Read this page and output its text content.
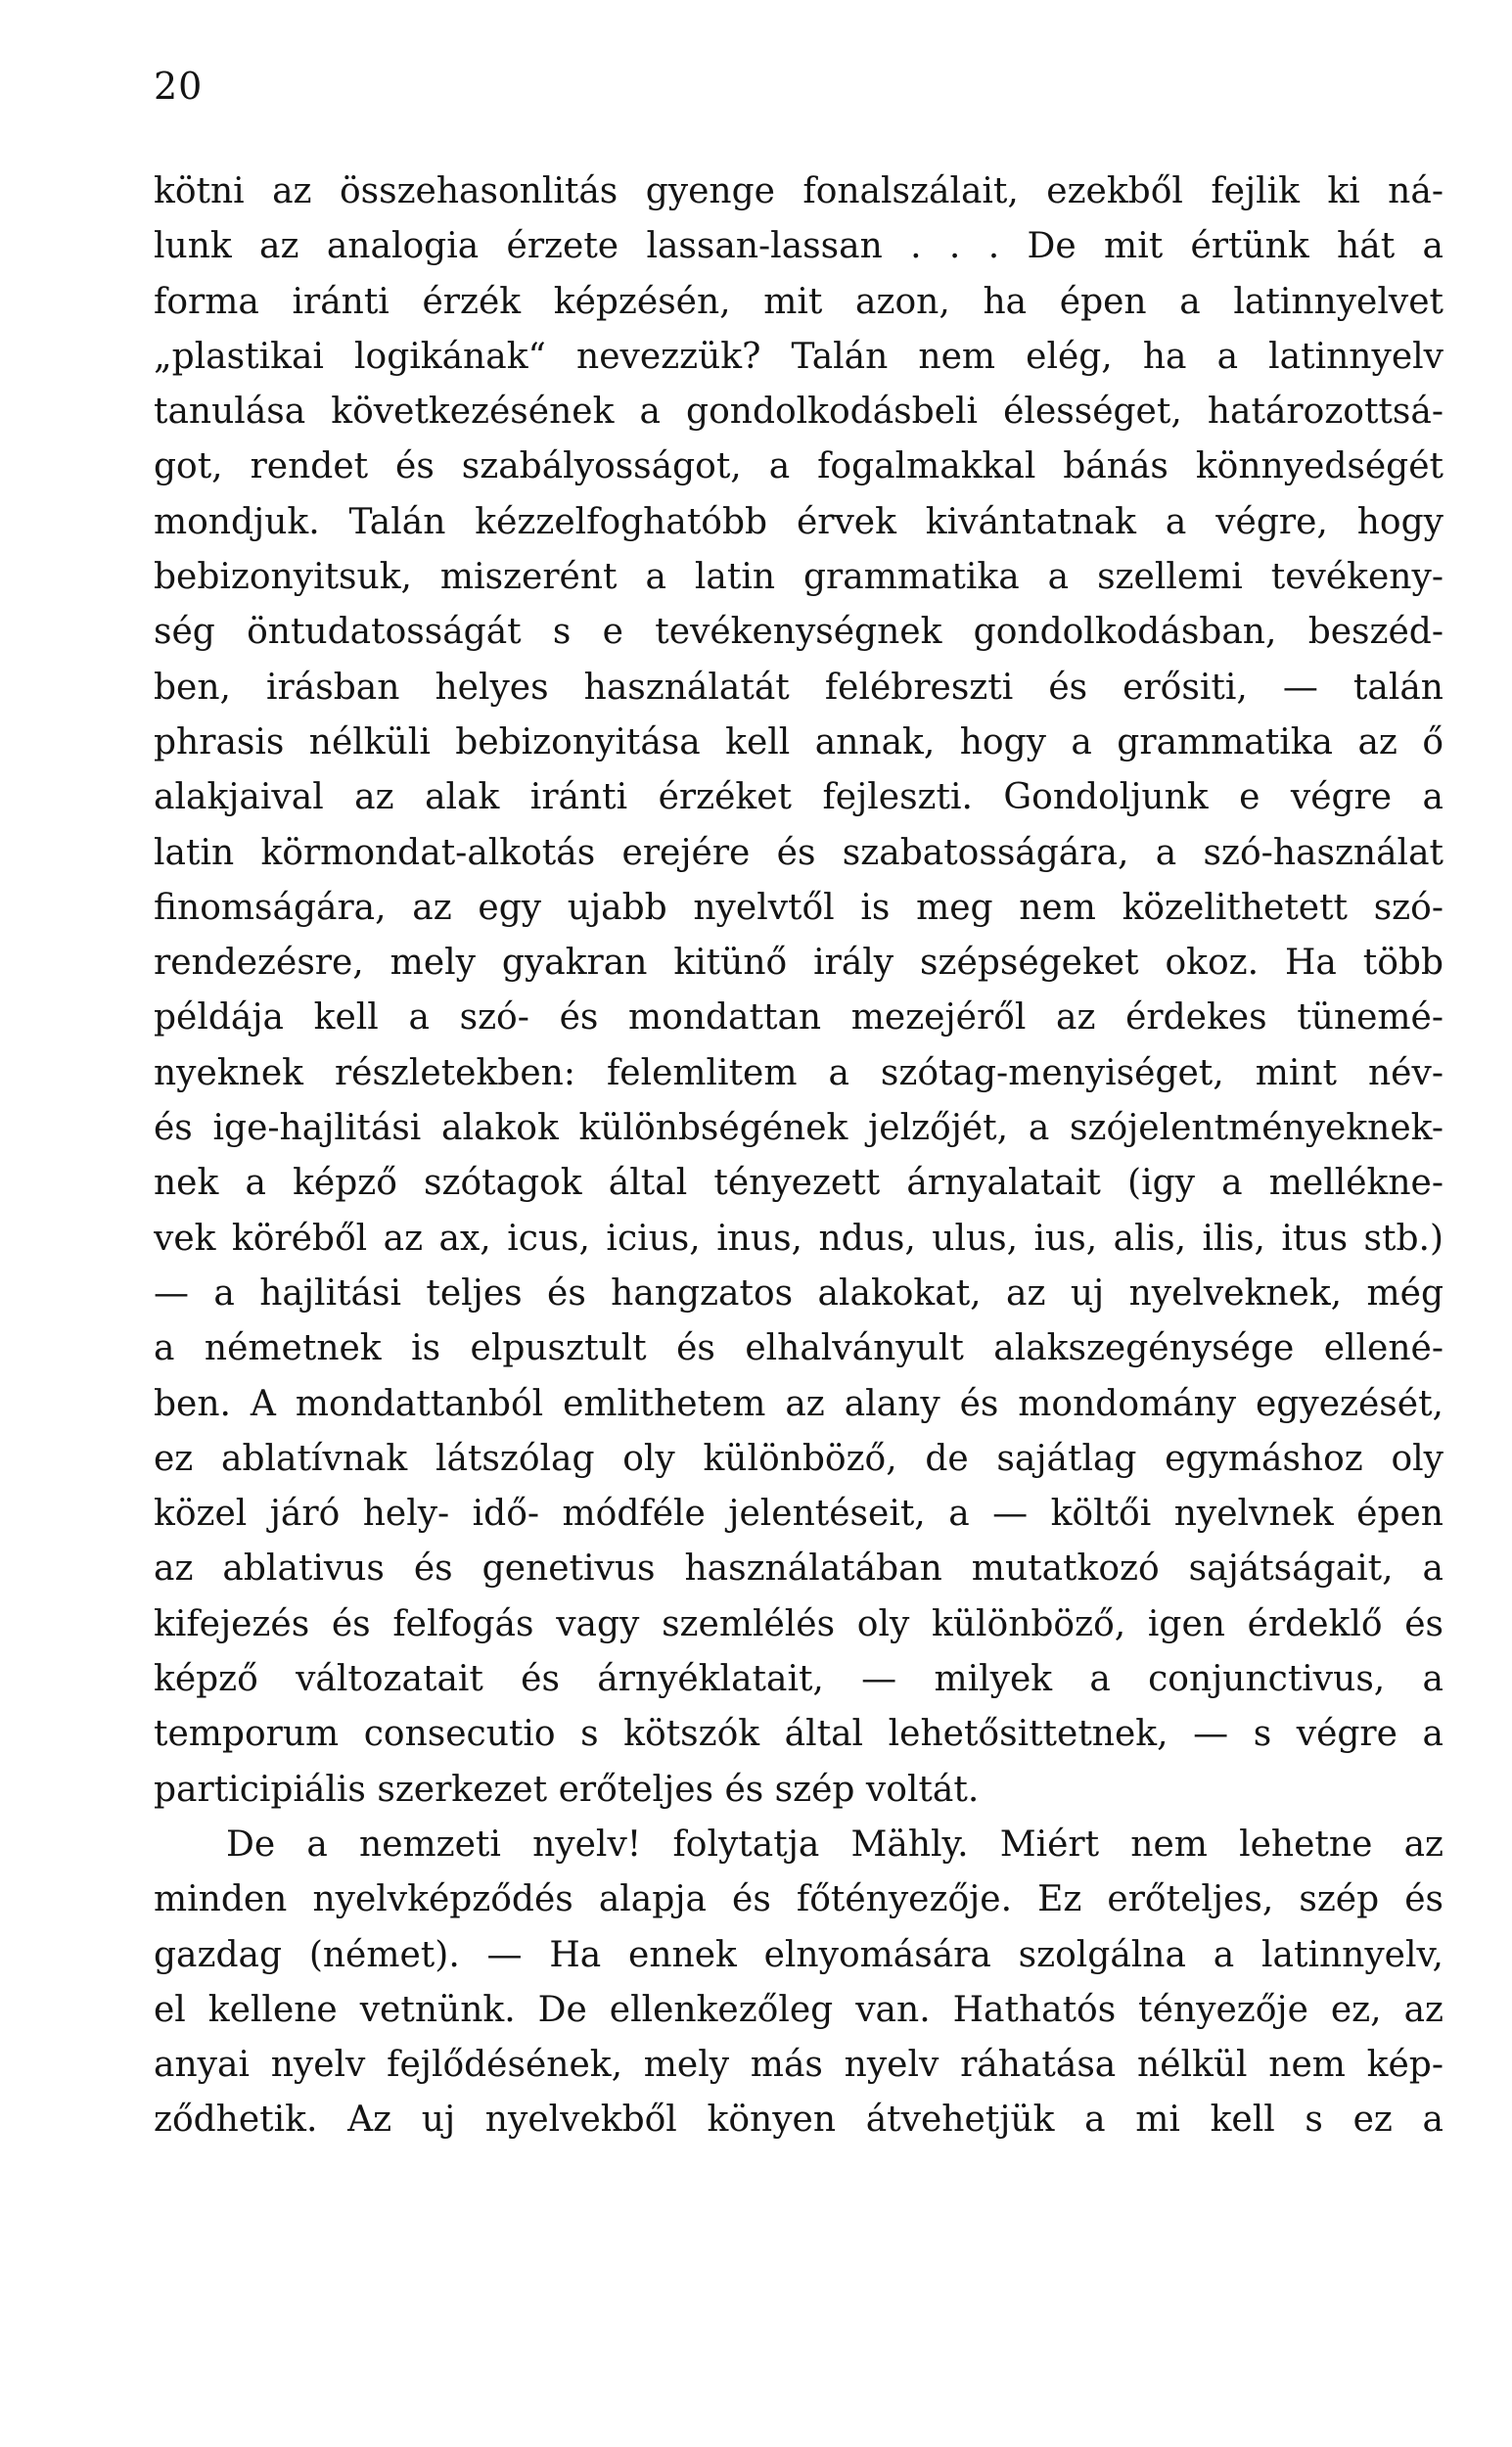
20
kötni az összehasonlitás gyenge fonalszálait, ezekből fejlik ki ná-
lunk az analogia érzete lassan-lassan . . . De mit értünk hát a
forma iránti érzék képzésén, mit azon, ha épen a latinnyelvet
„plastikai logikának“ nevezzük? Talán nem elég, ha a latinnyelv
tanulása következésének a gondolkodásbeli élességet, határozottsá-
got, rendet és szabályosságot, a fogalmakkal bánás könnyedségét
mondjuk. Talán kézzelfoghatóbb érvek kivántatnak a végre, hogy
bebizonyitsuk, miszerént a latin grammatika a szellemi tevékeny-
ség öntudatosságát s e tevékenységnek gondolkodásban, beszéd-
ben, irásban helyes használatát felébreszti és erősiti, — talán
phrasis nélküli bebizonyitása kell annak, hogy a grammatika az ő
alakjaival az alak iránti érzéket fejleszti. Gondoljunk e végre a
latin körmondat-alkotás erejére és szabatosságára, a szó-használat
finomságára, az egy ujabb nyelvtől is meg nem közelithetett szó-
rendezésre, mely gyakran kitünő irály szépségeket okoz. Ha több
példája kell a szó- és mondattan mezejéről az érdekes tünemé-
nyeknek részletekben: felemlitem a szótag-menyiséget, mint név-
és ige-hajlitási alakok különbségének jelzőjét, a szójelentményeknek-
nek a képző szótagok által tényezett árnyalatait (igy a mellékne-
vek köréből az ax, icus, icius, inus, ndus, ulus, ius, alis, ilis, itus stb.)
— a hajlitási teljes és hangzatos alakokat, az uj nyelveknek, még
a németnek is elpusztult és elhalványult alakszegénysége ellené-
ben. A mondattanból emlithetem az alany és mondomány egyezését,
ez ablatívnak látszólag oly különböző, de sajátlag egymáshoz oly
közel járó hely- idő- módféle jelentéseit, a — költői nyelvnek épen
az ablativus és genetivus használatában mutatkozó sajátságait, a
kifejezés és felfogás vagy szemlélés oly különböző, igen érdeklő és
képző változatait és árnyéklatait, — milyek a conjunctivus, a
temporum consecutio s kötszók által lehetősittetnek, — s végre a
participiális szerkezet erőteljes és szép voltát.
De a nemzeti nyelv! folytatja Mähly. Miért nem lehetne az
minden nyelvképződés alapja és főtényezője. Ez erőteljes, szép és
gazdag (német). — Ha ennek elnyomására szolgálna a latinnyelv,
el kellene vetnünk. De ellenkezőleg van. Hathatós tényezője ez, az
anyai nyelv fejlődésének, mely más nyelv ráhatása nélkül nem kép-
ződhetik. Az uj nyelvekből könyen átvehetjük a mi kell s ez a
